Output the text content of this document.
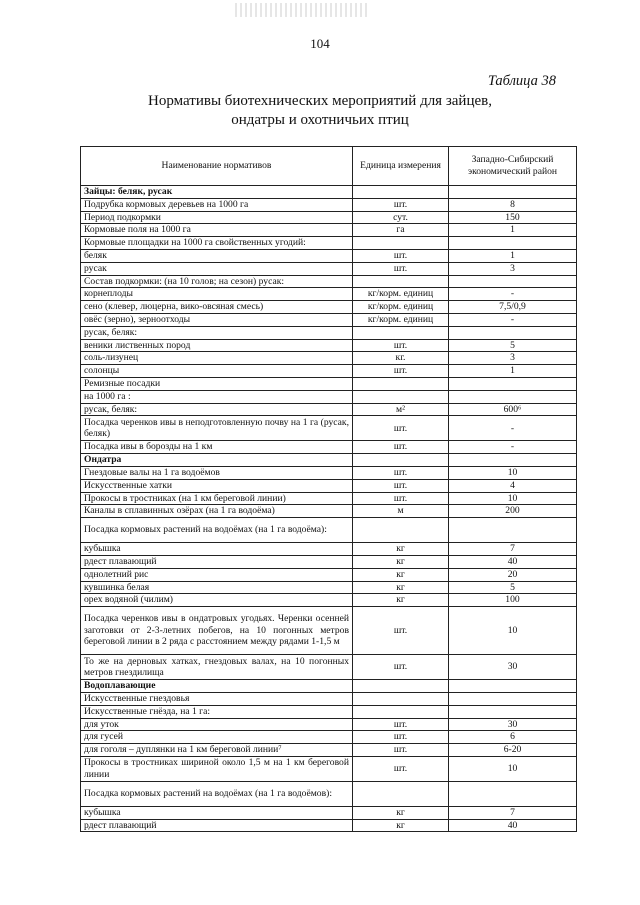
104
Таблица 38
Нормативы биотехнических мероприятий для зайцев,
ондатры и охотничьих птиц
Наименование нормативов	Единица измерения	Западно-Сибирский экономический район
Зайцы: беляк, русак		
Подрубка кормовых деревьев на 1000 га	шт.	8
Период подкормки	сут.	150
Кормовые поля на 1000 га	га	1
Кормовые площадки на 1000 га свойственных угодий:		
беляк	шт.	1
русак	шт.	3
Состав подкормки: (на 10 голов; на сезон) русак:		
корнеплоды	кг/корм. единиц	-
сено (клевер, люцерна, вико-овсяная смесь)	кг/корм. единиц	7,5/0,9
овёс (зерно), зерноотходы	кг/корм. единиц	-
русак, беляк:		
веники лиственных пород	шт.	5
соль-лизунец	кг.	3
солонцы	шт.	1
Ремизные посадки		
на 1000 га :		
русак, беляк:	м²	600⁶
Посадка черенков ивы в неподготовленную почву на 1 га (русак, беляк)	шт.	-
Посадка ивы в борозды на 1 км	шт.	-
Ондатра		
Гнездовые валы на 1 га водоёмов	шт.	10
Искусственные хатки	шт.	4
Прокосы в тростниках (на 1 км береговой линии)	шт.	10
Каналы в сплавинных озёрах (на 1 га водоёма)	м	200
Посадка кормовых растений на водоёмах (на 1 га водоёма):		
кубышка	кг	7
рдест плавающий	кг	40
однолетний рис	кг	20
кувшинка белая	кг	5
орех водяной (чилим)	кг	100
Посадка черенков ивы в ондатровых угодьях. Черенки осенней заготовки от 2-3-летних побегов, на 10 погонных метров береговой линии в 2 ряда с расстоянием между рядами 1-1,5 м	шт.	10
То же на дерновых хатках, гнездовых валах, на 10 погонных метров гнездилища	шт.	30
Водоплавающие		
Искусственные гнездовья		
Искусственные гнёзда, на 1 га:		
для уток	шт.	30
для гусей	шт.	6
для гоголя – дуплянки на 1 км береговой линии⁷	шт.	6-20
Прокосы в тростниках шириной около 1,5 м на 1 км береговой линии	шт.	10
Посадка кормовых растений на водоёмах (на 1 га водоёмов):		
кубышка	кг	7
рдест плавающий	кг	40
